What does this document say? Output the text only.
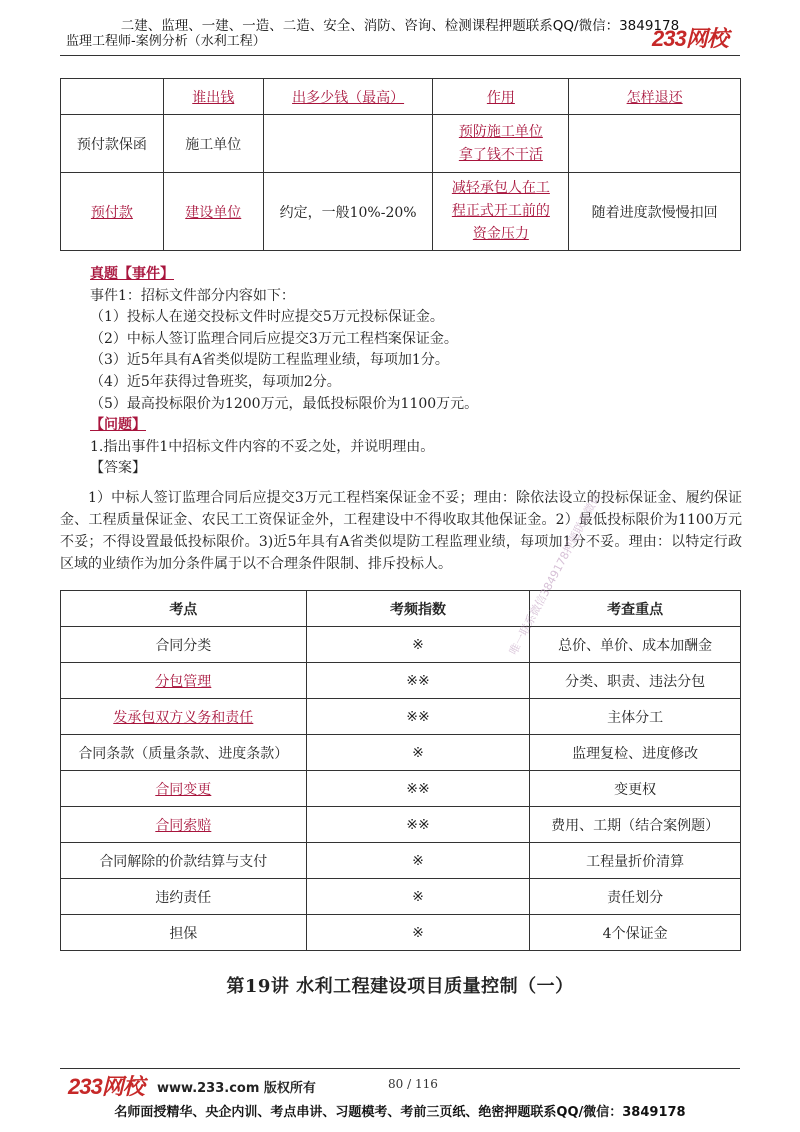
二建、监理、一建、一造、二造、安全、消防、咨询、检测课程押题联系QQ/微信：3849178
监理工程师-案例分析（水利工程）	233网校
	谁出钱	出多少钱（最高）	作用	怎样退还
预付款保函	施工单位		预防施工单位
拿了钱不干活	
预付款	建设单位	约定，一般10%-20%	减轻承包人在工
程正式开工前的
资金压力	随着进度款慢慢扣回
真题【事件】
事件1：招标文件部分内容如下：
（1）投标人在递交投标文件时应提交5万元投标保证金。
（2）中标人签订监理合同后应提交3万元工程档案保证金。
（3）近5年具有A省类似堤防工程监理业绩，每项加1分。
（4）近5年获得过鲁班奖，每项加2分。
（5）最高投标限价为1200万元，最低投标限价为1100万元。
【问题】
1.指出事件1中招标文件内容的不妥之处，并说明理由。
【答案】
1）中标人签订监理合同后应提交3万元工程档案保证金不妥；理由：除依法设立的投标保证金、履约保证金、工程质量保证金、农民工工资保证金外，工程建设中不得收取其他保证金。2）最低投标限价为1100万元不妥；不得设置最低投标限价。3)近5年具有A省类似堤防工程监理业绩，每项加1分不妥。理由：以特定行政区域的业绩作为加分条件属于以不合理条件限制、排斥投标人。
考点	考频指数	考查重点
合同分类	※	总价、单价、成本加酬金
分包管理	※※	分类、职责、违法分包
发承包双方义务和责任	※※	主体分工
合同条款（质量条款、进度条款）	※	监理复检、进度修改
合同变更	※※	变更权
合同索赔	※※	费用、工期（结合案例题）
合同解除的价款结算与支付	※	工程量折价清算
违约责任	※	责任划分
担保	※	4个保证金
唯一联系微信3849178押题联系微信
第19讲 水利工程建设项目质量控制（一）
233网校 www.233.com 版权所有	80 / 116
名师面授精华、央企内训、考点串讲、习题模考、考前三页纸、绝密押题联系QQ/微信：3849178
